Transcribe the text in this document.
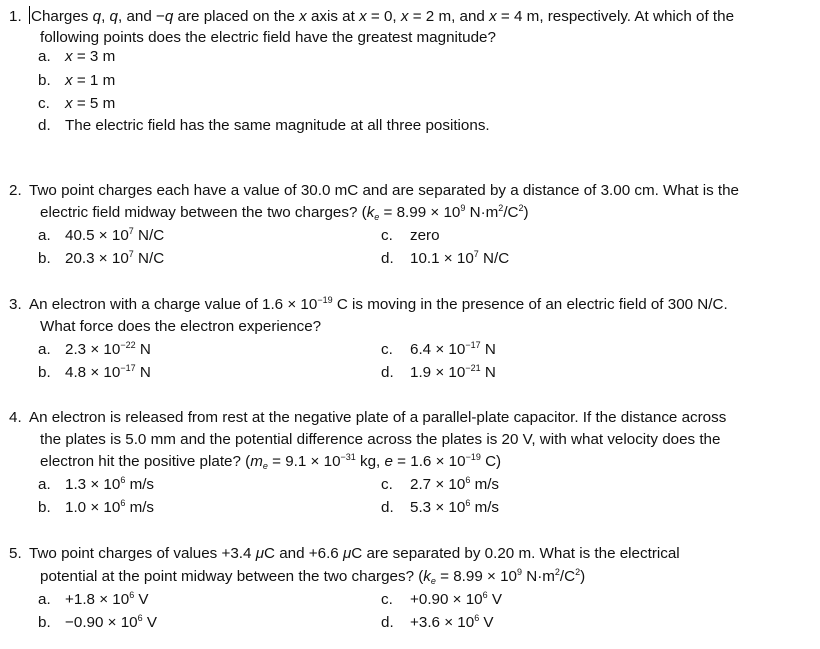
1. Charges q, q, and −q are placed on the x axis at x = 0, x = 2 m, and x = 4 m, respectively. At which of the
following points does the electric field have the greatest magnitude?
a. x = 3 m
b. x = 1 m
c. x = 5 m
d. The electric field has the same magnitude at all three positions.
2. Two point charges each have a value of 30.0 mC and are separated by a distance of 3.00 cm. What is the
electric field midway between the two charges? ($k_e = 8.99 \times 10^9$ $N\cdot m^2/C^2$)
a. $40.5 \times 10^7$ N/C
b. $20.3 \times 10^7$ N/C
c. zero
d. $10.1 \times 10^7$ N/C
3. An electron with a charge value of $1.6 \times 10^{-19}$ C is moving in the presence of an electric field of 300 N/C.
What force does the electron experience?
a. $2.3 \times 10^{-22}$ N
b. $4.8 \times 10^{-17}$ N
c. $6.4 \times 10^{-17}$ N
d. $1.9 \times 10^{-21}$ N
4. An electron is released from rest at the negative plate of a parallel-plate capacitor. If the distance across
the plates is 5.0 mm and the potential difference across the plates is 20 V, with what velocity does the
electron hit the positive plate? ($m_e = 9.1 \times 10^{-31}$ kg, $e = 1.6 \times 10^{-19}$ C)
a. $1.3 \times 10^6$ m/s
b. $1.0 \times 10^6$ m/s
c. $2.7 \times 10^6$ m/s
d. $5.3 \times 10^6$ m/s
5. Two point charges of values +3.4 μC and +6.6 μC are separated by 0.20 m. What is the electrical
potential at the point midway between the two charges? ($k_e = 8.99 \times 10^9$ $N\cdot m^2/C^2$)
a. $+1.8 \times 10^6$ V
b. $-0.90 \times 10^6$ V
c. $+0.90 \times 10^6$ V
d. $+3.6 \times 10^6$ V
